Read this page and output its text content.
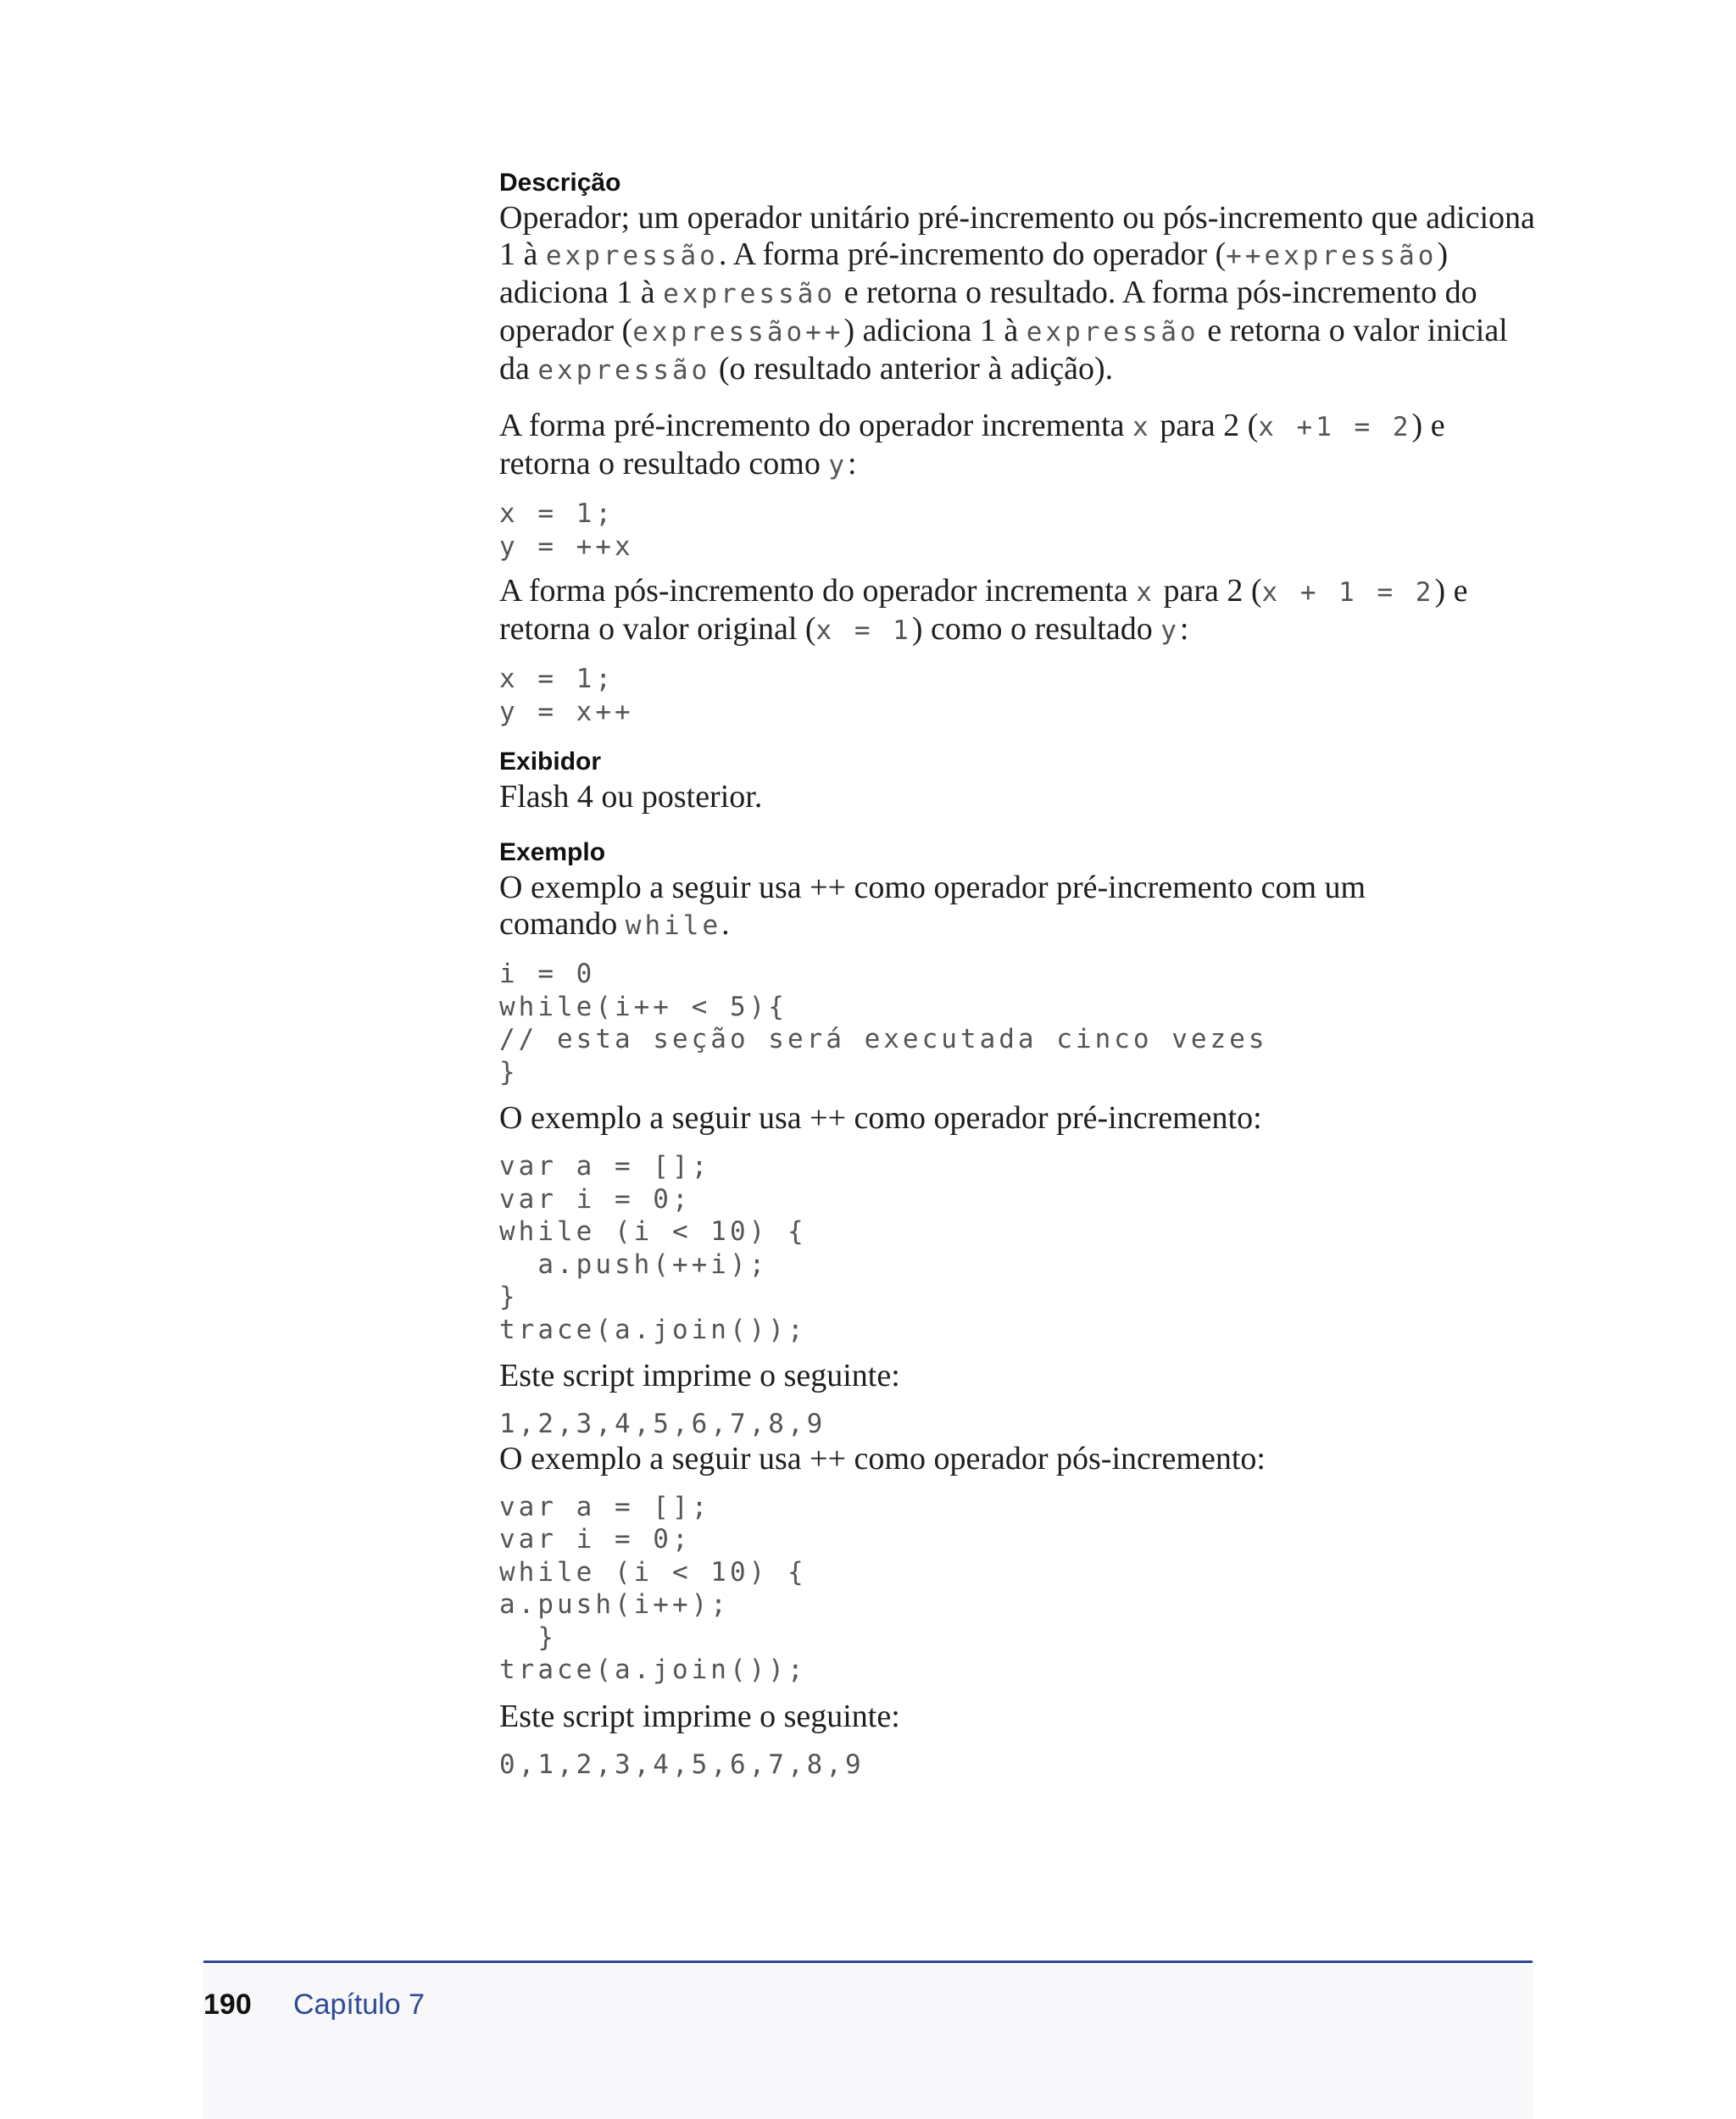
Descrição

Operador; um operador unitário pré-incremento ou pós-incremento que adiciona 1 à expressão. A forma pré-incremento do operador (++expressão) adiciona 1 à expressão e retorna o resultado. A forma pós-incremento do operador (expressão++) adiciona 1 à expressão e retorna o valor inicial da expressão (o resultado anterior à adição).

A forma pré-incremento do operador incrementa x para 2 (x +1 = 2) e retorna o resultado como y:

x = 1;
y = ++x

A forma pós-incremento do operador incrementa x para 2 (x + 1 = 2) e retorna o valor original (x = 1) como o resultado y:

x = 1;
y = x++
Exibidor

Flash 4 ou posterior.

Exemplo

O exemplo a seguir usa ++ como operador pré-incremento com um comando while.

i = 0
while(i++ < 5){
// esta seção será executada cinco vezes
}

O exemplo a seguir usa ++ como operador pré-incremento:

var a = [];
var i = 0;
while (i < 10) {
a.push(++i);
}
trace(a.join());

Este script imprime o seguinte:

1,2,3,4,5,6,7,8,9

O exemplo a seguir usa ++ como operador pós-incremento:

var a = [];
var i = 0;
while (i < 10) {
a.push(i++);
}
trace(a.join());

Este script imprime o seguinte:

0,1,2,3,4,5,6,7,8,9
190 Capítulo 7
